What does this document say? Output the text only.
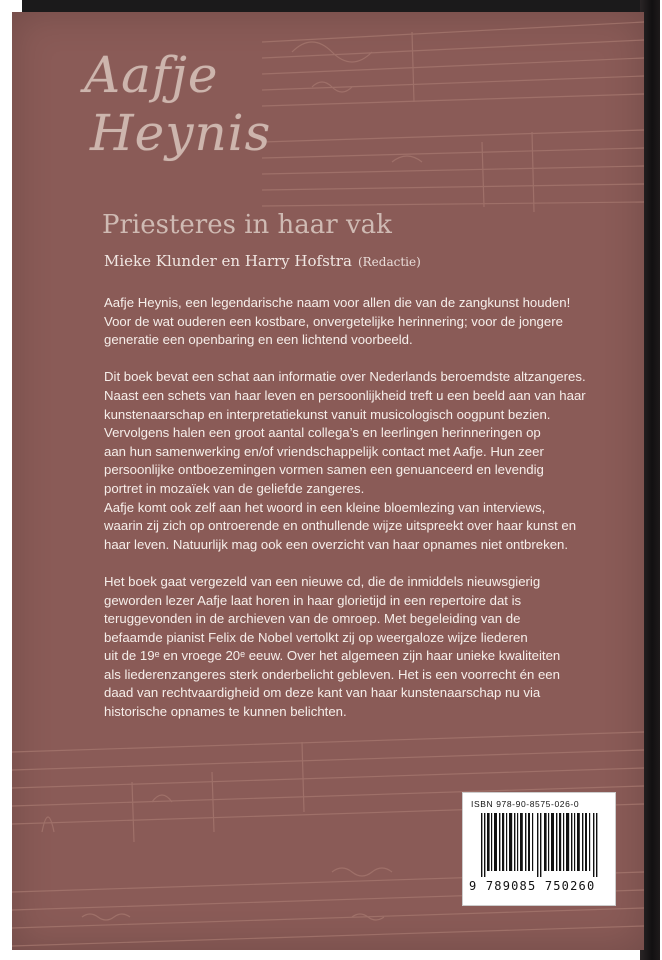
Aafje
Heynis
Priesteres in haar vak
Mieke Klunder en Harry Hofstra (Redactie)

Aafje Heynis, een legendarische naam voor allen die van de zangkunst houden!
Voor de wat ouderen een kostbare, onvergetelijke herinnering; voor de jongere
generatie een openbaring en een lichtend voorbeeld.

Dit boek bevat een schat aan informatie over Nederlands beroemdste altzangeres.
Naast een schets van haar leven en persoonlijkheid treft u een beeld aan van haar
kunstenaarschap en interpretatiekunst vanuit musicologisch oogpunt bezien.
Vervolgens halen een groot aantal collega’s en leerlingen herinneringen op
aan hun samenwerking en/of vriendschappelijk contact met Aafje. Hun zeer
persoonlijke ontboezemingen vormen samen een genuanceerd en levendig
portret in mozaïek van de geliefde zangeres.
Aafje komt ook zelf aan het woord in een kleine bloemlezing van interviews,
waarin zij zich op ontroerende en onthullende wijze uitspreekt over haar kunst en
haar leven. Natuurlijk mag ook een overzicht van haar opnames niet ontbreken.

Het boek gaat vergezeld van een nieuwe cd, die de inmiddels nieuwsgierig
geworden lezer Aafje laat horen in haar glorietijd in een repertoire dat is
teruggevonden in de archieven van de omroep. Met begeleiding van de
befaamde pianist Felix de Nobel vertolkt zij op weergaloze wijze liederen
uit de 19ᵉ en vroege 20ᵉ eeuw. Over het algemeen zijn haar unieke kwaliteiten
als liederenzangeres sterk onderbelicht gebleven. Het is een voorrecht én een
daad van rechtvaardigheid om deze kant van haar kunstenaarschap nu via
historische opnames te kunnen belichten.

ISBN 978-90-8575-026-0
9 789085 750260
